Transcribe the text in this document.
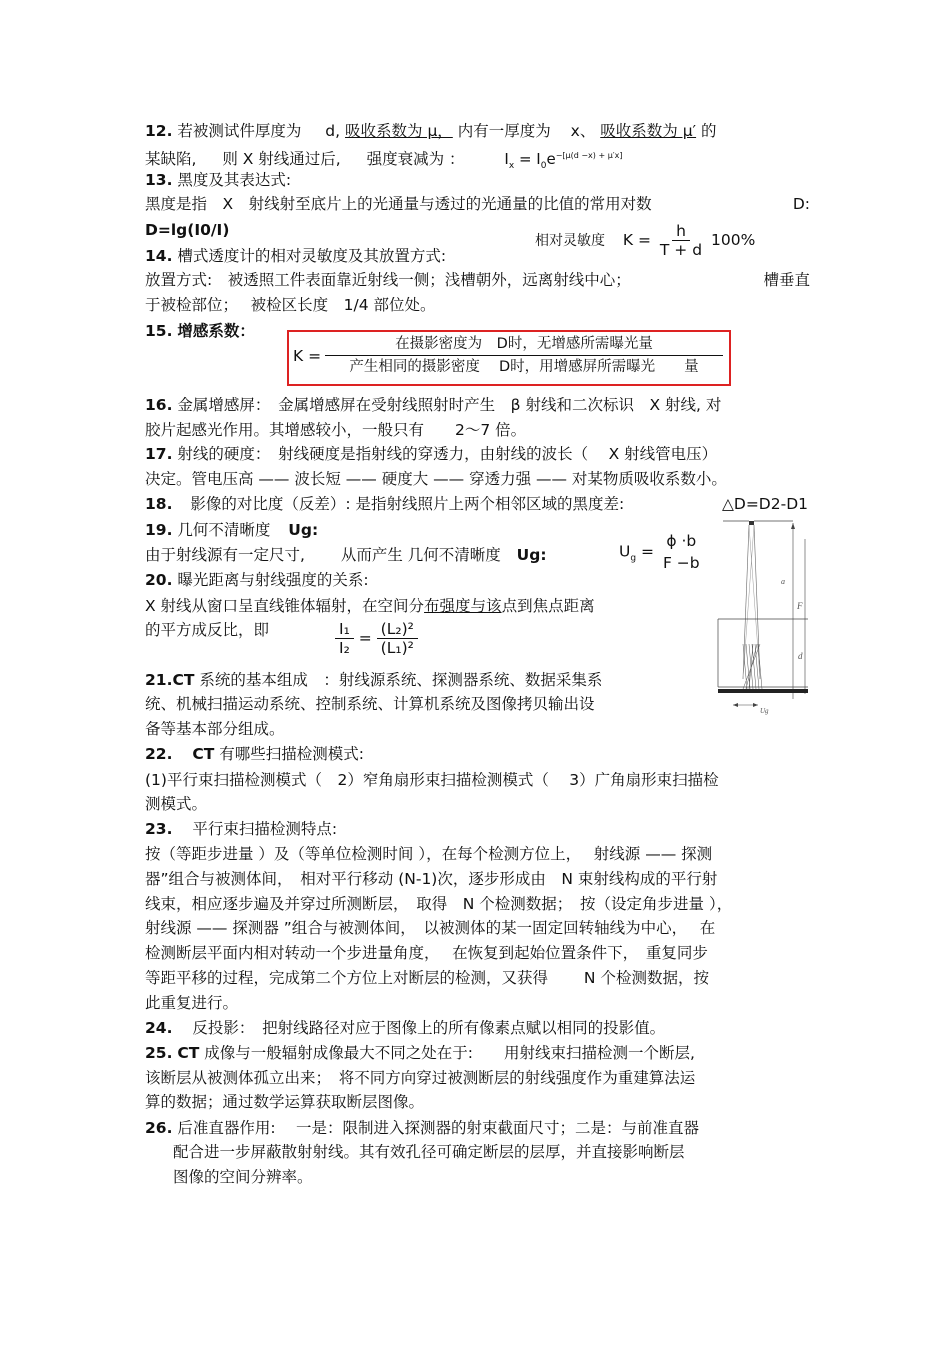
12. 若被测试件厚度为 d, 吸收系数为 μ， 内有一厚度为 x、 吸收系数为 μ′ 的
某缺陷, 则 X 射线通过后, 强度衰减为 ：	$I_x = I_0e^{-[\mu(d -x) + \mu'x]}$
13. 黑度及其表达式:
黑度是指　X　射线射至底片上的光通量与透过的光通量的比值的常用对数	D:
D=lg(I0/I)
14. 槽式透度计的相对灵敏度及其放置方式:
相对灵敏度 $K = \frac{h}{T + d} 100\%$
放置方式:　被透照工件表面靠近射线一侧；浅槽朝外，远离射线中心；	槽垂直
于被检部位；　 被检区长度　1/4 部位处。
15. 增感系数：
K =
在摄影密度为　D时，无增感所需曝光量
产生相同的摄影密度　 D时，用增感屏所需曝光　　量
16. 金属增感屏：　金属增感屏在受射线照射时产生　β 射线和二次标识　X 射线, 对
胶片起感光作用。其增感较小，一般只有　　2～7 倍。
17. 射线的硬度：　射线硬度是指射线的穿透力，由射线的波长（　 X 射线管电压）
决定。管电压高 —— 波长短 —— 硬度大 —— 穿透力强 —— 对某物质吸收系数小。
18. 影像的对比度（反差）: 是指射线照片上两个相邻区域的黑度差:	△D=D2-D1
19. 几何不清晰度 Ug:
由于射线源有一定尺寸,　　 从而产生 几何不清晰度 Ug:	$U_g$ =
ϕ ·b
F −b
20. 曝光距离与射线强度的关系:
X 射线从窗口呈直线锥体辐射，在空间分布强度与该点到焦点距离
的平方成反比，即	$\frac{\text{I₁}}{\text{I₂}} = \frac{\text{(L₂)²}}{\text{(L₁)²}}$
21.CT 系统的基本组成　：射线源系统、探测器系统、数据采集系
统、机械扫描运动系统、控制系统、计算机系统及图像拷贝输出设
备等基本部分组成。
22. CT 有哪些扫描检测模式:
(1)平行束扫描检测模式（　2）窄角扇形束扫描检测模式（　 3）广角扇形束扫描检
测模式。
23. 平行束扫描检测特点:
按（等距步进量 ）及（等单位检测时间 ），在每个检测方位上，　 射线源 —— 探测
器”组合与被测体间，　相对平行移动 (N-1)次，逐步形成由　N 束射线构成的平行射
线束，相应逐步遍及并穿过所测断层，　取得　N 个检测数据；　按（设定角步进量 ），
射线源 —— 探测器 ”组合与被测体间，　以被测体的某一固定回转轴线为中心，　 在
检测断层平面内相对转动一个步进量角度，　 在恢复到起始位置条件下，　重复同步
等距平移的过程，完成第二个方位上对断层的检测，又获得　　 N 个检测数据，按
此重复进行。
24. 反投影：　把射线路径对应于图像上的所有像素点赋以相同的投影值。
25. CT 成像与一般辐射成像最大不同之处在于:　　用射线束扫描检测一个断层,
该断层从被测体孤立出来；　将不同方向穿过被测断层的射线强度作为重建算法运
算的数据；通过数学运算获取断层图像。
26. 后准直器作用:　 一是：限制进入探测器的射束截面尺寸；二是：与前准直器
配合进一步屏蔽散射射线。其有效孔径可确定断层的层厚，并直接影响断层
图像的空间分辨率。
a
F
d
Ug
